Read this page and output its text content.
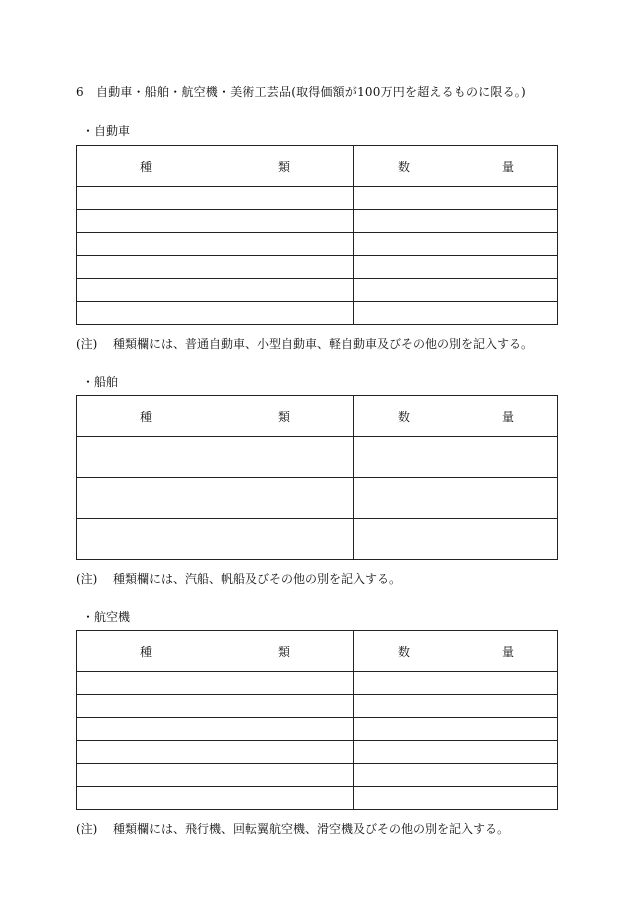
6 自動車・船舶・航空機・美術工芸品(取得価額が100万円を超えるものに限る。)
・自動車
種 類	数 量

(注) 種類欄には、普通自動車、小型自動車、軽自動車及びその他の別を記入する。
・船舶
種 類	数 量

(注) 種類欄には、汽船、帆船及びその他の別を記入する。
・航空機
種 類	数 量

(注) 種類欄には、飛行機、回転翼航空機、滑空機及びその他の別を記入する。
